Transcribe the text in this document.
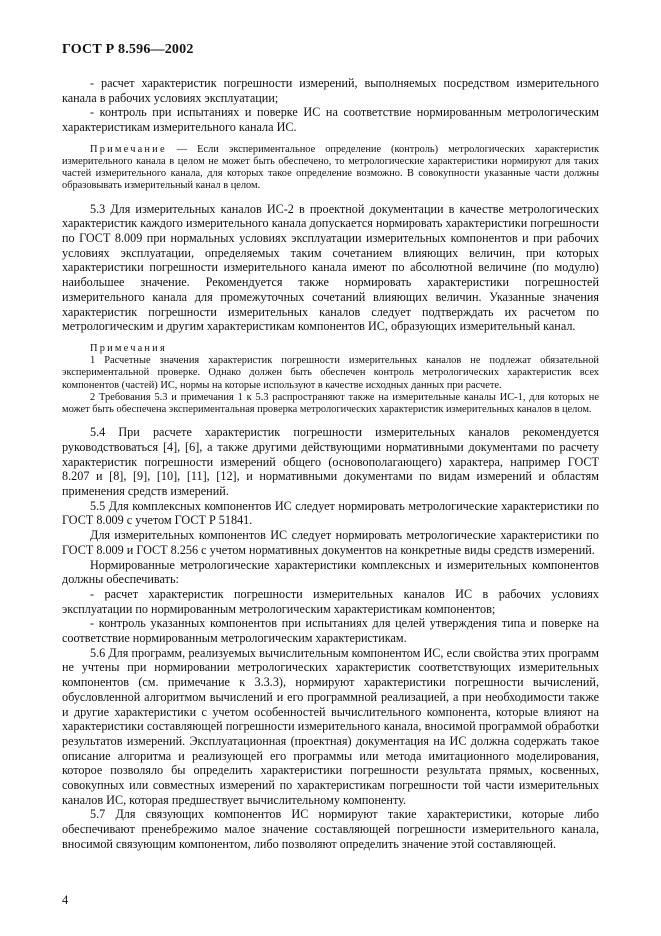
ГОСТ Р 8.596—2002

- расчет характеристик погрешности измерений, выполняемых посредством измерительного канала в рабочих условиях эксплуатации;

- контроль при испытаниях и поверке ИС на соответствие нормированным метрологическим характеристикам измерительного канала ИС.

Примечание — Если экспериментальное определение (контроль) метрологических характеристик измерительного канала в целом не может быть обеспечено, то метрологические характеристики нормируют для таких частей измерительного канала, для которых такое определение возможно. В совокупности указанные части должны образовывать измерительный канал в целом.

5.3 Для измерительных каналов ИС-2 в проектной документации в качестве метрологических характеристик каждого измерительного канала допускается нормировать характеристики погрешности по ГОСТ 8.009 при нормальных условиях эксплуатации измерительных компонентов и при рабочих условиях эксплуатации, определяемых таким сочетанием влияющих величин, при которых характеристики погрешности измерительного канала имеют по абсолютной величине (по модулю) наибольшее значение. Рекомендуется также нормировать характеристики погрешностей измерительного канала для промежуточных сочетаний влияющих величин. Указанные значения характеристик погрешности измерительных каналов следует подтверждать их расчетом по метрологическим и другим характеристикам компонентов ИС, образующих измерительный канал.

Примечания

1 Расчетные значения характеристик погрешности измерительных каналов не подлежат обязательной экспериментальной проверке. Однако должен быть обеспечен контроль метрологических характеристик всех компонентов (частей) ИС, нормы на которые используют в качестве исходных данных при расчете.

2 Требования 5.3 и примечания 1 к 5.3 распространяют также на измерительные каналы ИС-1, для которых не может быть обеспечена экспериментальная проверка метрологических характеристик измерительных каналов в целом.

5.4 При расчете характеристик погрешности измерительных каналов рекомендуется руководствоваться [4], [6], а также другими действующими нормативными документами по расчету характеристик погрешности измерений общего (основополагающего) характера, например ГОСТ 8.207 и [8], [9], [10], [11], [12], и нормативными документами по видам измерений и областям применения средств измерений.

5.5 Для комплексных компонентов ИС следует нормировать метрологические характеристики по ГОСТ 8.009 с учетом ГОСТ Р 51841.

Для измерительных компонентов ИС следует нормировать метрологические характеристики по ГОСТ 8.009 и ГОСТ 8.256 с учетом нормативных документов на конкретные виды средств измерений.

Нормированные метрологические характеристики комплексных и измерительных компонентов должны обеспечивать:

- расчет характеристик погрешности измерительных каналов ИС в рабочих условиях эксплуатации по нормированным метрологическим характеристикам компонентов;

- контроль указанных компонентов при испытаниях для целей утверждения типа и поверке на соответствие нормированным метрологическим характеристикам.

5.6 Для программ, реализуемых вычислительным компонентом ИС, если свойства этих программ не учтены при нормировании метрологических характеристик соответствующих измерительных компонентов (см. примечание к 3.3.3), нормируют характеристики погрешности вычислений, обусловленной алгоритмом вычислений и его программной реализацией, а при необходимости также и другие характеристики с учетом особенностей вычислительного компонента, которые влияют на характеристики составляющей погрешности измерительного канала, вносимой программой обработки результатов измерений. Эксплуатационная (проектная) документация на ИС должна содержать такое описание алгоритма и реализующей его программы или метода имитационного моделирования, которое позволяло бы определить характеристики погрешности результата прямых, косвенных, совокупных или совместных измерений по характеристикам погрешности той части измерительных каналов ИС, которая предшествует вычислительному компоненту.

5.7 Для связующих компонентов ИС нормируют такие характеристики, которые либо обеспечивают пренебрежимо малое значение составляющей погрешности измерительного канала, вносимой связующим компонентом, либо позволяют определить значение этой составляющей.

4
